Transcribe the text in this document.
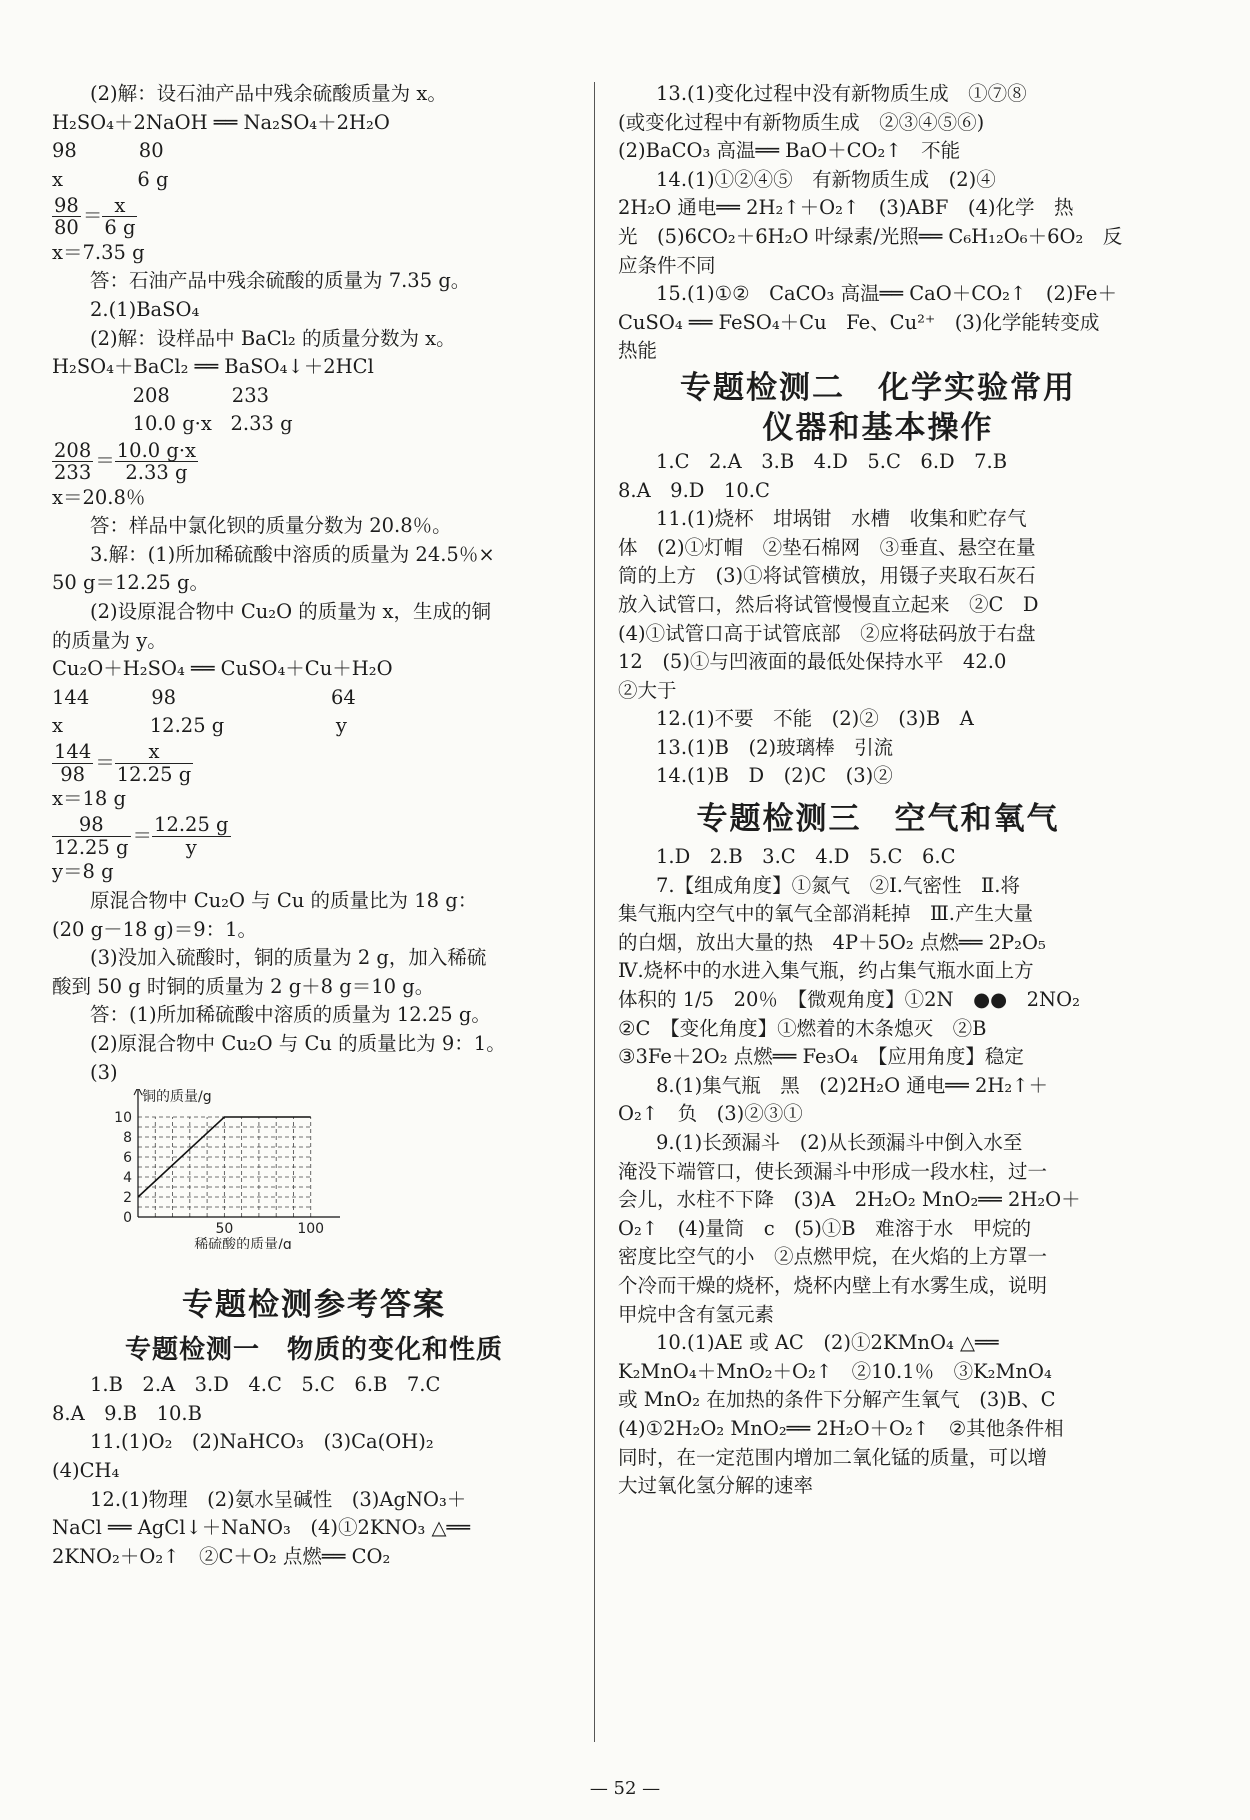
(2)解：设石油产品中残余硫酸质量为 x。
H₂SO₄＋2NaOH ══ Na₂SO₄＋2H₂O
98          80
x            6 g
$\frac{98}{80} = \frac{x}{6 g}$
x＝7.35 g
答：石油产品中残余硫酸的质量为 7.35 g。
2.(1)BaSO₄
(2)解：设样品中 BaCl₂ 的质量分数为 x。
H₂SO₄＋BaCl₂ ══ BaSO₄↓＋2HCl
208          233
10.0 g·x   2.33 g
$\frac{208}{233} = \frac{10.0 g\cdot x}{2.33 g}$
x＝20.8％
答：样品中氯化钡的质量分数为 20.8％。
3.解：(1)所加稀硫酸中溶质的质量为 24.5％×
50 g＝12.25 g。
(2)设原混合物中 Cu₂O 的质量为 x，生成的铜
的质量为 y。
Cu₂O＋H₂SO₄ ══ CuSO₄＋Cu＋H₂O
144          98                         64
x              12.25 g                  y
$\frac{144}{98} = \frac{x}{12.25 g}$
x＝18 g
$\frac{98}{12.25 g} = \frac{12.25 g}{y}$
y＝8 g
原混合物中 Cu₂O 与 Cu 的质量比为 18 g：
(20 g－18 g)＝9：1。
(3)没加入硫酸时，铜的质量为 2 g，加入稀硫
酸到 50 g 时铜的质量为 2 g＋8 g＝10 g。
答：(1)所加稀硫酸中溶质的质量为 12.25 g。
(2)原混合物中 Cu₂O 与 Cu 的质量比为 9：1。
(3)
2
4
6
8
10
0
50	100
铜的质量/g
稀硫酸的质量/g
专题检测参考答案
专题检测一　物质的变化和性质
1.B　2.A　3.D　4.C　5.C　6.B　7.C
8.A　9.B　10.B
11.(1)O₂　(2)NaHCO₃　(3)Ca(OH)₂
(4)CH₄
12.(1)物理　(2)氨水呈碱性　(3)AgNO₃＋
NaCl ══ AgCl↓＋NaNO₃　(4)①2KNO₃ △══
2KNO₂＋O₂↑　②C＋O₂ 点燃══ CO₂
13.(1)变化过程中没有新物质生成　①⑦⑧
(或变化过程中有新物质生成　②③④⑤⑥)
(2)BaCO₃ 高温══ BaO＋CO₂↑　不能
14.(1)①②④⑤　有新物质生成　(2)④
2H₂O 通电══ 2H₂↑＋O₂↑　(3)ABF　(4)化学　热
光　(5)6CO₂＋6H₂O 叶绿素/光照══ C₆H₁₂O₆＋6O₂　反
应条件不同
15.(1)①②　CaCO₃ 高温══ CaO＋CO₂↑　(2)Fe＋
CuSO₄ ══ FeSO₄＋Cu　Fe、Cu²⁺　(3)化学能转变成
热能
专题检测二　化学实验常用
仪器和基本操作
1.C　2.A　3.B　4.D　5.C　6.D　7.B
8.A　9.D　10.C
11.(1)烧杯　坩埚钳　水槽　收集和贮存气
体　(2)①灯帽　②垫石棉网　③垂直、悬空在量
筒的上方　(3)①将试管横放，用镊子夹取石灰石
放入试管口，然后将试管慢慢直立起来　②C　D
(4)①试管口高于试管底部　②应将砝码放于右盘
12　(5)①与凹液面的最低处保持水平　42.0
②大于
12.(1)不要　不能　(2)②　(3)B　A
13.(1)B　(2)玻璃棒　引流
14.(1)B　D　(2)C　(3)②
专题检测三　空气和氧气
1.D　2.B　3.C　4.D　5.C　6.C
7.【组成角度】①氮气　②Ⅰ.气密性　Ⅱ.将
集气瓶内空气中的氧气全部消耗掉　Ⅲ.产生大量
的白烟，放出大量的热　4P＋5O₂ 点燃══ 2P₂O₅
Ⅳ.烧杯中的水进入集气瓶，约占集气瓶水面上方
体积的 1/5　20％　【微观角度】①2N　●●　2NO₂
②C　【变化角度】①燃着的木条熄灭　②B
③3Fe＋2O₂ 点燃══ Fe₃O₄　【应用角度】稳定
8.(1)集气瓶　黑　(2)2H₂O 通电══ 2H₂↑＋
O₂↑　负　(3)②③①
9.(1)长颈漏斗　(2)从长颈漏斗中倒入水至
淹没下端管口，使长颈漏斗中形成一段水柱，过一
会儿，水柱不下降　(3)A　2H₂O₂ MnO₂══ 2H₂O＋
O₂↑　(4)量筒　c　(5)①B　难溶于水　甲烷的
密度比空气的小　②点燃甲烷，在火焰的上方罩一
个冷而干燥的烧杯，烧杯内壁上有水雾生成，说明
甲烷中含有氢元素
10.(1)AE 或 AC　(2)①2KMnO₄ △══
K₂MnO₄＋MnO₂＋O₂↑　②10.1％　③K₂MnO₄
或 MnO₂ 在加热的条件下分解产生氧气　(3)B、C
(4)①2H₂O₂ MnO₂══ 2H₂O＋O₂↑　②其他条件相
同时，在一定范围内增加二氧化锰的质量，可以增
大过氧化氢分解的速率
— 52 —
